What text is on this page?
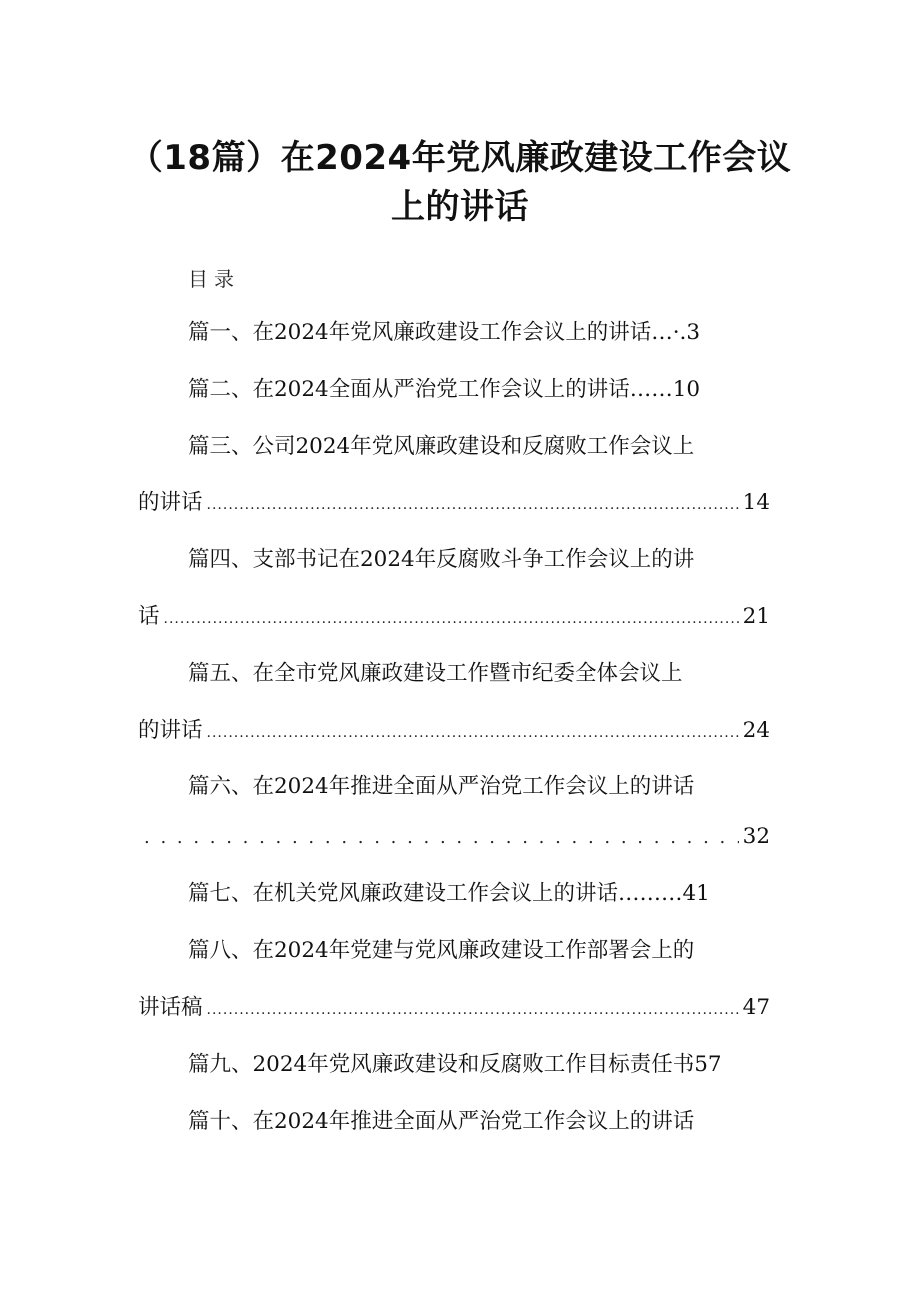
（18篇）在2024年党风廉政建设工作会议
上的讲话
目录
篇一、在2024年党风廉政建设工作会议上的讲话…·.3
篇二、在2024全面从严治党工作会议上的讲话……10
篇三、公司2024年党风廉政建设和反腐败工作会议上
的讲话 .....	14
篇四、支部书记在2024年反腐败斗争工作会议上的讲
话 .....	21
篇五、在全市党风廉政建设工作暨市纪委全体会议上
的讲话 .....	24
篇六、在2024年推进全面从严治党工作会议上的讲话
. . .
32
篇七、在机关党风廉政建设工作会议上的讲话………41
篇八、在2024年党建与党风廉政建设工作部署会上的
讲话稿 .....	47
篇九、2024年党风廉政建设和反腐败工作目标责任书57
篇十、在2024年推进全面从严治党工作会议上的讲话
